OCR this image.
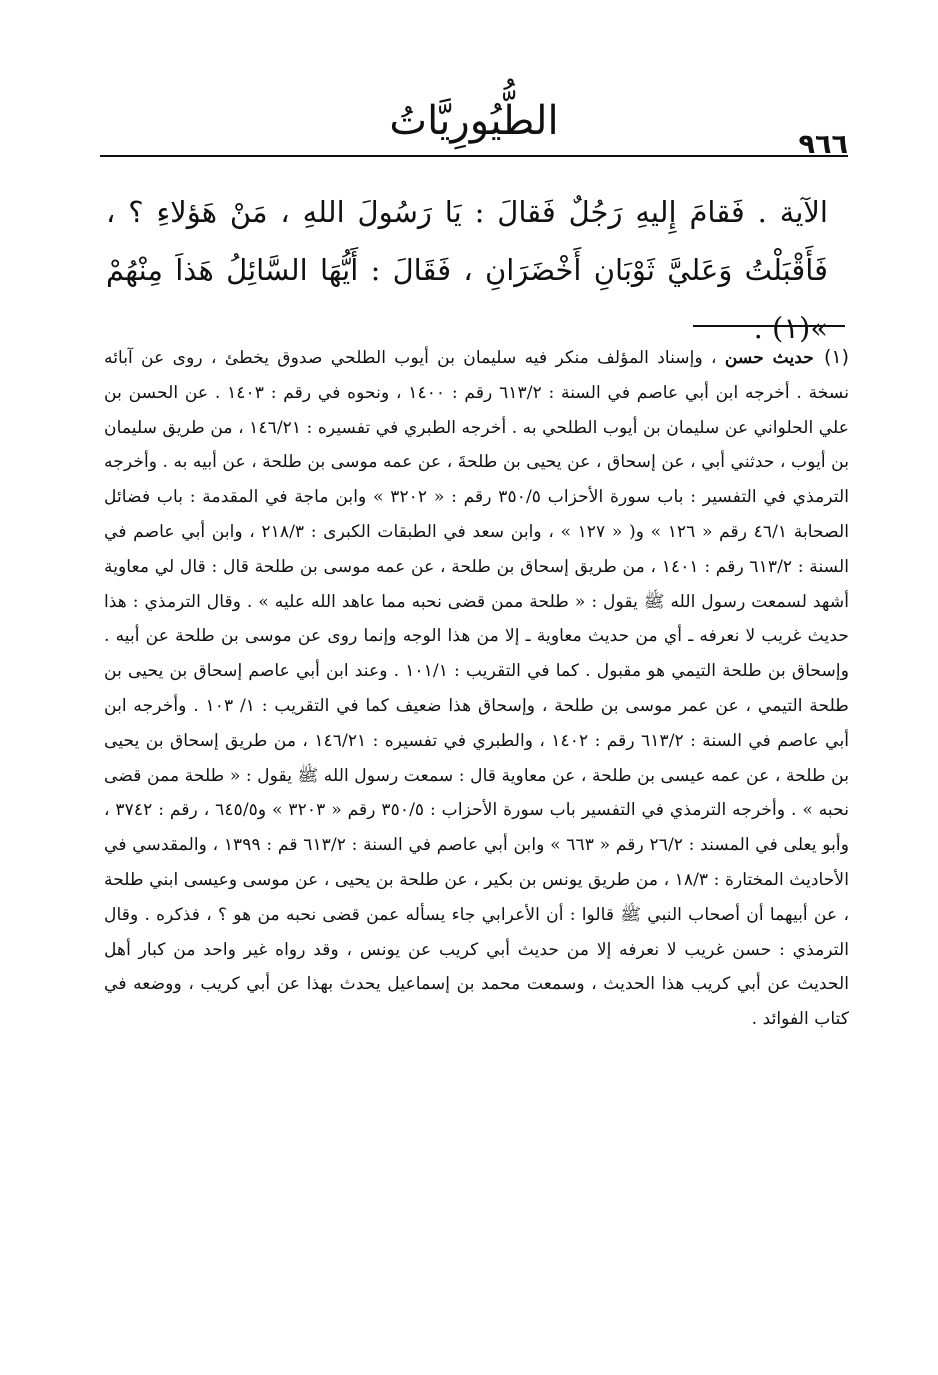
٩٦٦
الطُّيُورِيَّاتُ
الآية . فَقامَ إِليهِ رَجُلٌ فَقالَ : يَا رَسُولَ اللهِ ، مَنْ هَؤلاءِ ؟ ، فَأَقْبَلْتُ وَعَليَّ ثَوْبَانِ أَخْضَرَانِ ، فَقَالَ : أَيُّهَا السَّائِلُ هَذاَ مِنْهُمْ »(١) .
(١)حديث حسن ، وإسناد المؤلف منكر فيه سليمان بن أيوب الطلحي صدوق يخطئ ، روى عن آبائه نسخة . أخرجه ابن أبي عاصم في السنة : ٦١٣/٢ رقم : ١٤٠٠ ، ونحوه في رقم : ١٤٠٣ . عن الحسن بن علي الحلواني عن سليمان بن أيوب الطلحي به . أخرجه الطبري في تفسيره : ١٤٦/٢١ ، من طريق سليمان بن أيوب ، حدثني أبي ، عن إسحاق ، عن يحيى بن طلحةَ ، عن عمه موسى بن طلحة ، عن أبيه به . وأخرجه الترمذي في التفسير : باب سورة الأحزاب ٣٥٠/٥ رقم : « ٣٢٠٢ » وابن ماجة في المقدمة : باب فضائل الصحابة ٤٦/١ رقم « ١٢٦ » و( « ١٢٧ » ، وابن سعد في الطبقات الكبرى : ٢١٨/٣ ، وابن أبي عاصم في السنة : ٦١٣/٢ رقم : ١٤٠١ ، من طريق إسحاق بن طلحة ، عن عمه موسى بن طلحة قال : قال لي معاوية أشهد لسمعت رسول الله ﷺ يقول : « طلحة ممن قضى نحبه مما عاهد الله عليه » . وقال الترمذي : هذا حديث غريب لا نعرفه ـ أي من حديث معاوية ـ إلا من هذا الوجه وإنما روى عن موسى بن طلحة عن أبيه . وإسحاق بن طلحة التيمي هو مقبول . كما في التقريب : ١٠١/١ . وعند ابن أبي عاصم إسحاق بن يحيى بن طلحة التيمي ، عن عمر موسى بن طلحة ، وإسحاق هذا ضعيف كما في التقريب : ١/ ١٠٣ . وأخرجه ابن أبي عاصم في السنة : ٦١٣/٢ رقم : ١٤٠٢ ، والطبري في تفسيره : ١٤٦/٢١ ، من طريق إسحاق بن يحيى بن طلحة ، عن عمه عيسى بن طلحة ، عن معاوية قال : سمعت رسول الله ﷺ يقول : « طلحة ممن قضى نحبه » . وأخرجه الترمذي في التفسير باب سورة الأحزاب : ٣٥٠/٥ رقم « ٣٢٠٣ » و٦٤٥/٥ ، رقم : ٣٧٤٢ ، وأبو يعلى في المسند : ٢٦/٢ رقم « ٦٦٣ » وابن أبي عاصم في السنة : ٦١٣/٢ قم : ١٣٩٩ ، والمقدسي في الأحاديث المختارة : ١٨/٣ ، من طريق يونس بن بكير ، عن طلحة بن يحيى ، عن موسى وعيسى ابني طلحة ، عن أبيهما أن أصحاب النبي ﷺ قالوا : أن الأعرابي جاء يسأله عمن قضى نحبه من هو ؟ ، فذكره . وقال الترمذي : حسن غريب لا نعرفه إلا من حديث أبي كريب عن يونس ، وقد رواه غير واحد من كبار أهل الحديث عن أبي كريب هذا الحديث ، وسمعت محمد بن إسماعيل يحدث بهذا عن أبي كريب ، ووضعه في كتاب الفوائد .
